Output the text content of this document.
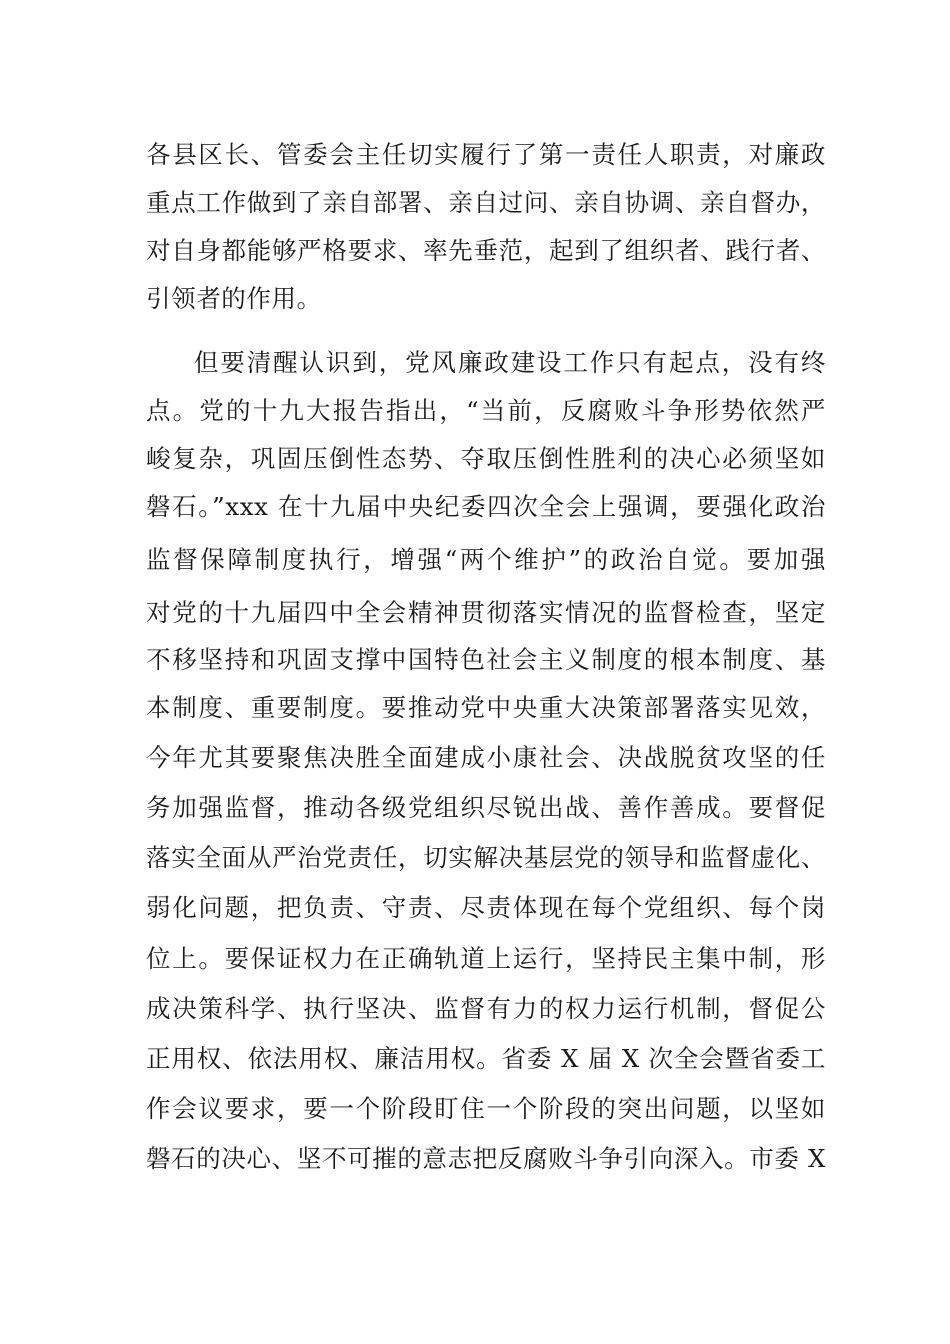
各县区长、管委会主任切实履行了第一责任人职责，对廉政
重点工作做到了亲自部署、亲自过问、亲自协调、亲自督办，
对自身都能够严格要求、率先垂范，起到了组织者、践行者、
引领者的作用。
但要清醒认识到，党风廉政建设工作只有起点，没有终
点。党的十九大报告指出，“当前，反腐败斗争形势依然严
峻复杂，巩固压倒性态势、夺取压倒性胜利的决心必须坚如
磐石。”xxx 在十九届中央纪委四次全会上强调，要强化政治
监督保障制度执行，增强“两个维护”的政治自觉。要加强
对党的十九届四中全会精神贯彻落实情况的监督检查，坚定
不移坚持和巩固支撑中国特色社会主义制度的根本制度、基
本制度、重要制度。要推动党中央重大决策部署落实见效，
今年尤其要聚焦决胜全面建成小康社会、决战脱贫攻坚的任
务加强监督，推动各级党组织尽锐出战、善作善成。要督促
落实全面从严治党责任，切实解决基层党的领导和监督虚化、
弱化问题，把负责、守责、尽责体现在每个党组织、每个岗
位上。要保证权力在正确轨道上运行，坚持民主集中制，形
成决策科学、执行坚决、监督有力的权力运行机制，督促公
正用权、依法用权、廉洁用权。省委 X 届 X 次全会暨省委工
作会议要求，要一个阶段盯住一个阶段的突出问题，以坚如
磐石的决心、坚不可摧的意志把反腐败斗争引向深入。市委 X
